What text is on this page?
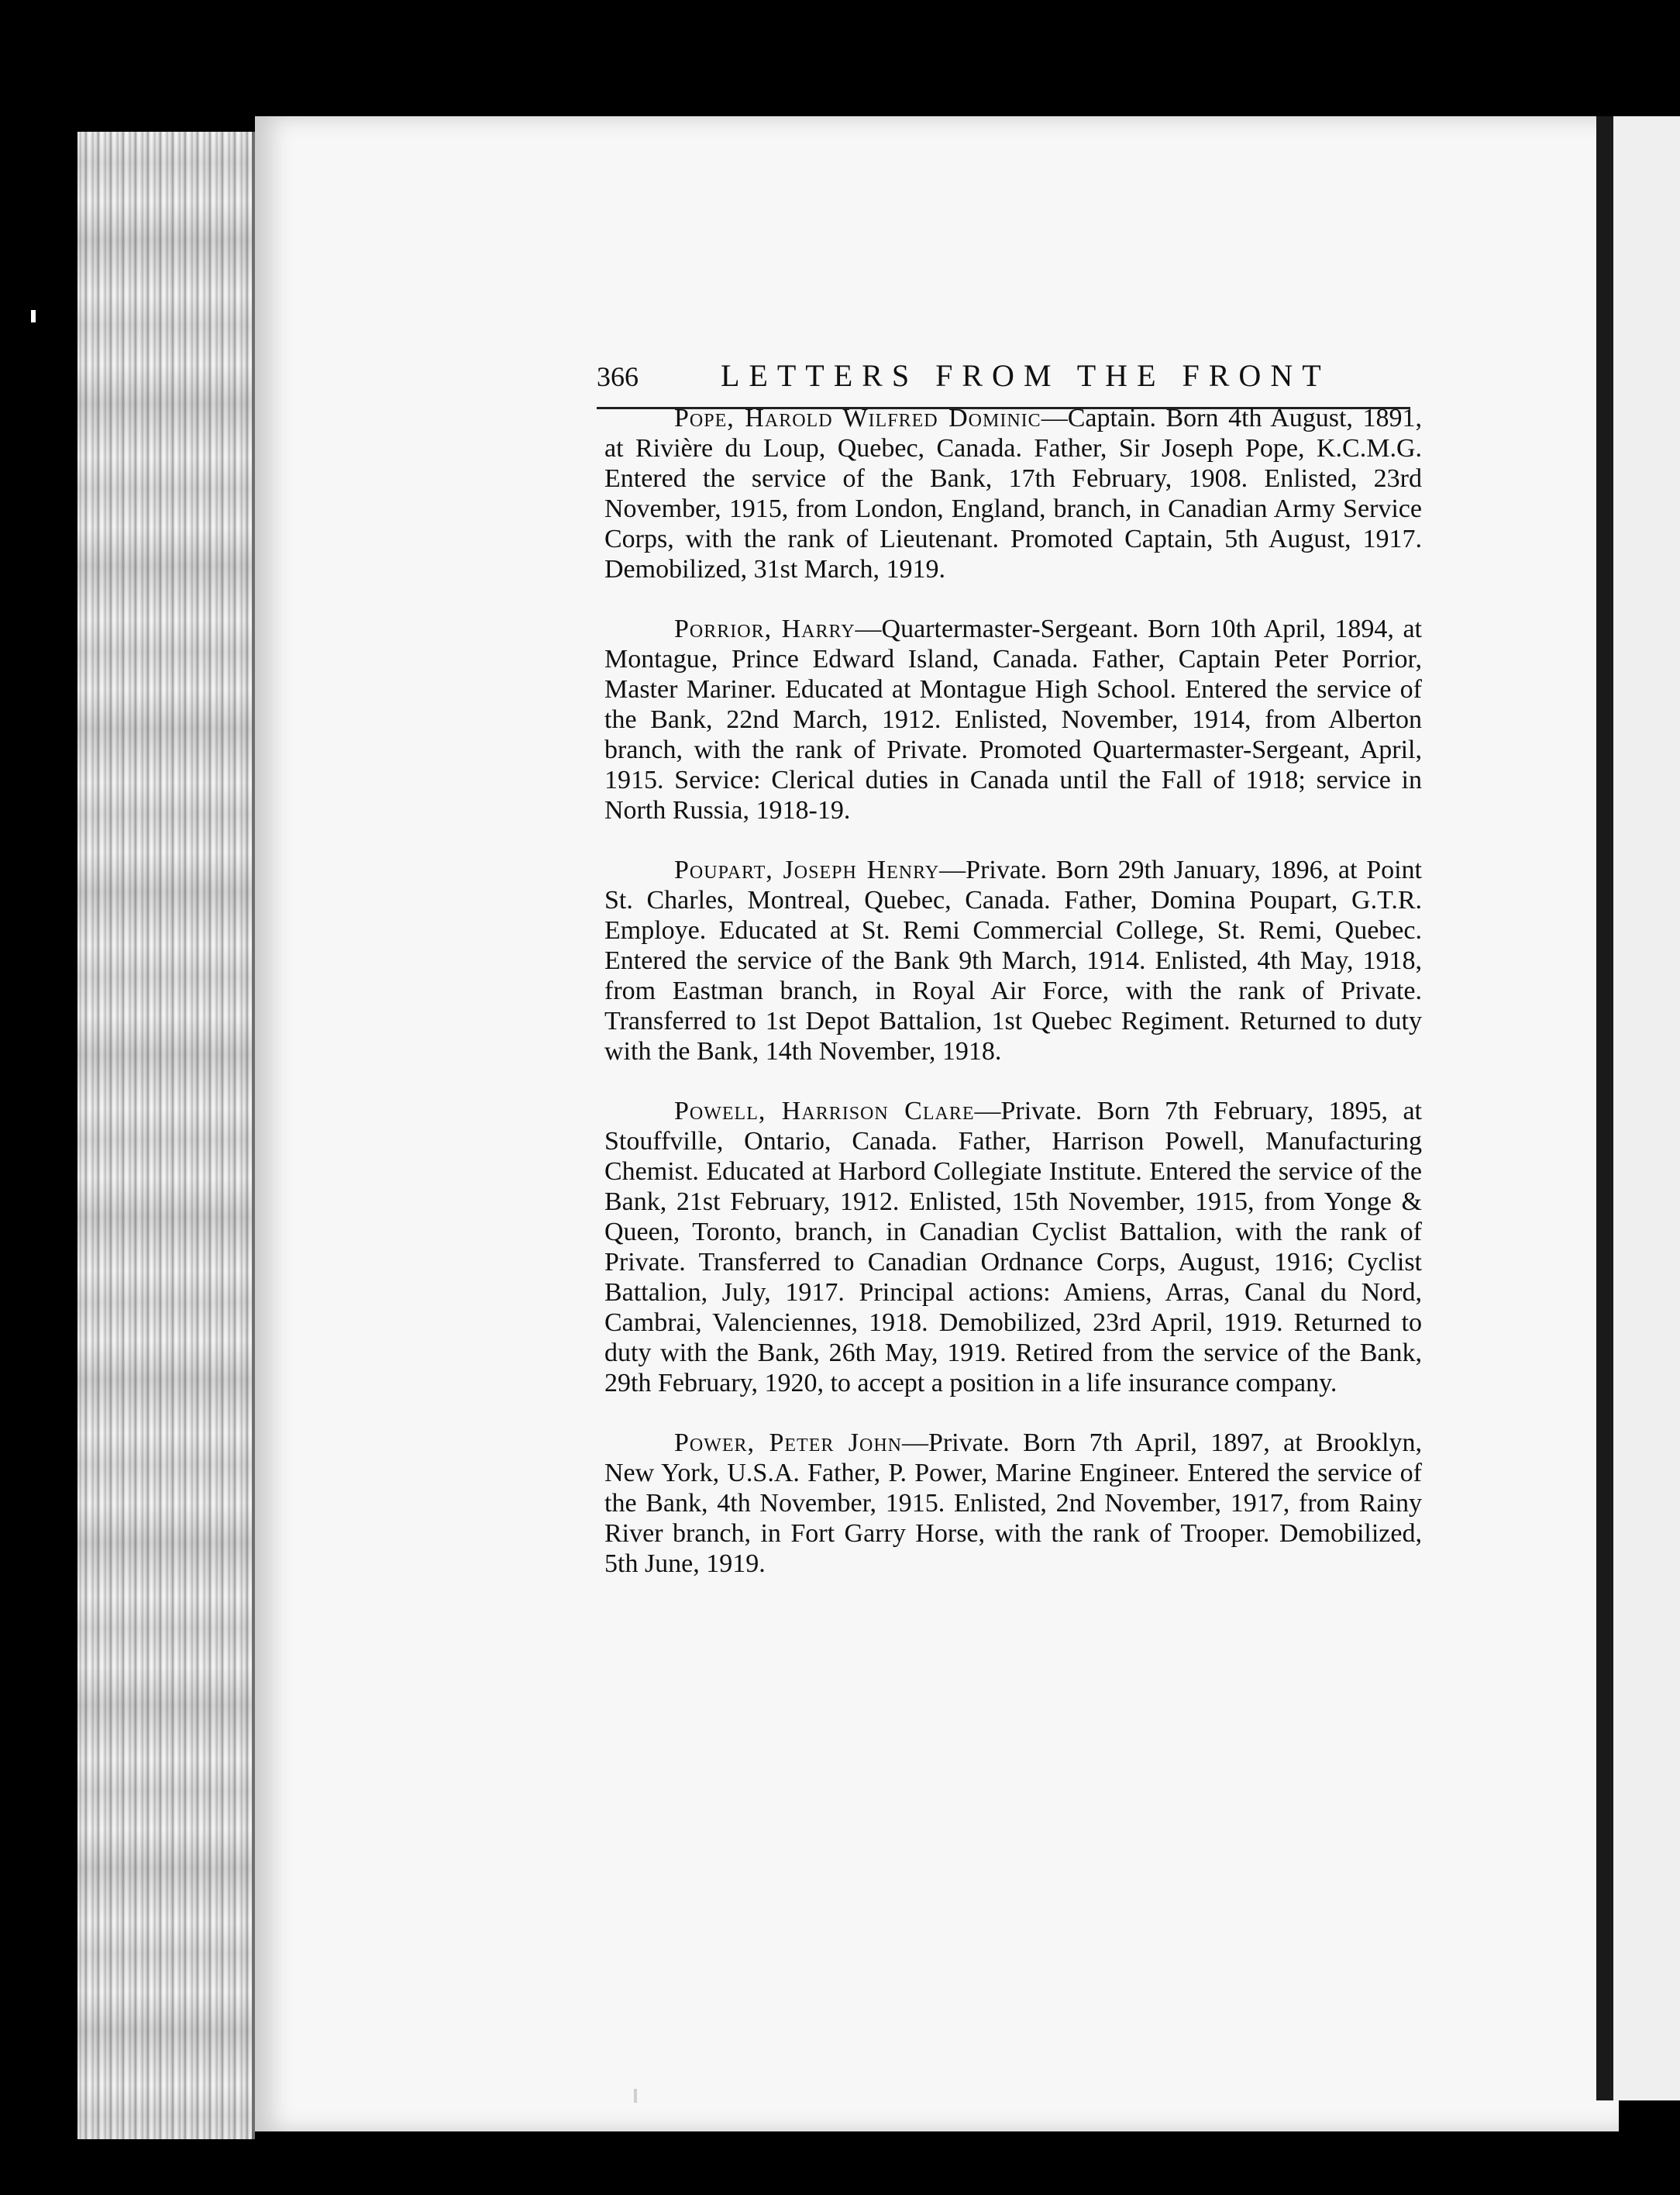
366	LETTERS FROM THE FRONT

Pope, Harold Wilfred Dominic—Captain. Born 4th August, 1891, at Rivière du Loup, Quebec, Canada. Father, Sir Joseph Pope, K.C.M.G. Entered the service of the Bank, 17th February, 1908. Enlisted, 23rd November, 1915, from London, England, branch, in Canadian Army Service Corps, with the rank of Lieutenant. Promoted Captain, 5th August, 1917. Demobilized, 31st March, 1919.

Porrior, Harry—Quartermaster-Sergeant. Born 10th April, 1894, at Montague, Prince Edward Island, Canada. Father, Captain Peter Porrior, Master Mariner. Educated at Montague High School. Entered the service of the Bank, 22nd March, 1912. Enlisted, November, 1914, from Alberton branch, with the rank of Private. Promoted Quartermaster-Sergeant, April, 1915. Service: Clerical duties in Canada until the Fall of 1918; service in North Russia, 1918-19.

Poupart, Joseph Henry—Private. Born 29th January, 1896, at Point St. Charles, Montreal, Quebec, Canada. Father, Domina Poupart, G.T.R. Employe. Educated at St. Remi Commercial College, St. Remi, Quebec. Entered the service of the Bank 9th March, 1914. Enlisted, 4th May, 1918, from Eastman branch, in Royal Air Force, with the rank of Private. Transferred to 1st Depot Battalion, 1st Quebec Regiment. Returned to duty with the Bank, 14th November, 1918.

Powell, Harrison Clare—Private. Born 7th February, 1895, at Stouffville, Ontario, Canada. Father, Harrison Powell, Manufacturing Chemist. Educated at Harbord Collegiate Institute. Entered the service of the Bank, 21st February, 1912. Enlisted, 15th November, 1915, from Yonge & Queen, Toronto, branch, in Canadian Cyclist Battalion, with the rank of Private. Transferred to Canadian Ordnance Corps, August, 1916; Cyclist Battalion, July, 1917. Principal actions: Amiens, Arras, Canal du Nord, Cambrai, Valenciennes, 1918. Demobilized, 23rd April, 1919. Returned to duty with the Bank, 26th May, 1919. Retired from the service of the Bank, 29th February, 1920, to accept a position in a life insurance company.

Power, Peter John—Private. Born 7th April, 1897, at Brooklyn, New York, U.S.A. Father, P. Power, Marine Engineer. Entered the service of the Bank, 4th November, 1915. Enlisted, 2nd November, 1917, from Rainy River branch, in Fort Garry Horse, with the rank of Trooper. Demobilized, 5th June, 1919.
